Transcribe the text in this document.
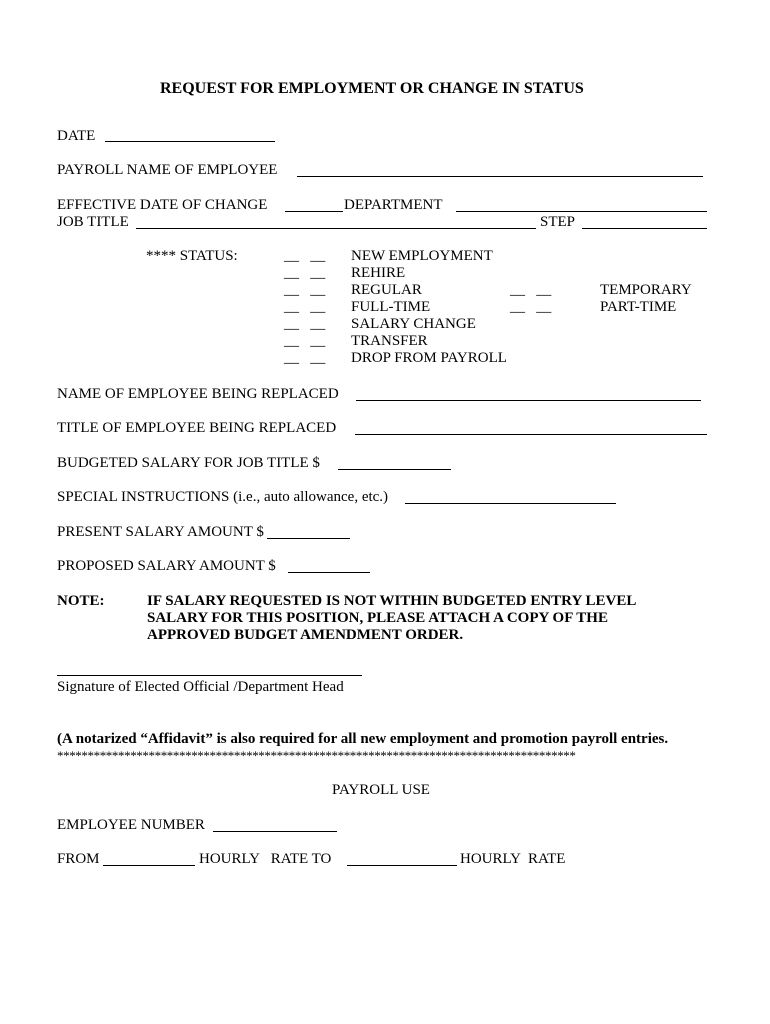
REQUEST FOR EMPLOYMENT OR CHANGE IN STATUS
DATE
PAYROLL NAME OF EMPLOYEE
EFFECTIVE DATE OF CHANGE	DEPARTMENT
JOB TITLE	STEP
**** STATUS:	__   __ NEW EMPLOYMENT
__   __ REHIRE
__   __ REGULAR	__   __	TEMPORARY
__   __ FULL-TIME	__   __	PART-TIME
__   __ SALARY CHANGE
__   __ TRANSFER
__   __ DROP FROM PAYROLL
NAME OF EMPLOYEE BEING REPLACED
TITLE OF EMPLOYEE BEING REPLACED
BUDGETED SALARY FOR JOB TITLE $
SPECIAL INSTRUCTIONS (i.e., auto allowance, etc.)
PRESENT SALARY AMOUNT $
PROPOSED SALARY AMOUNT $
NOTE:	IF SALARY REQUESTED IS NOT WITHIN BUDGETED ENTRY LEVEL
SALARY FOR THIS POSITION, PLEASE ATTACH A COPY OF THE
APPROVED BUDGET AMENDMENT ORDER.
Signature of Elected Official /Department Head
(A notarized “Affidavit” is also required for all new employment and promotion payroll entries.
*************************************************************************************
PAYROLL USE
EMPLOYEE NUMBER
FROM	HOURLY   RATE TO	HOURLY  RATE
